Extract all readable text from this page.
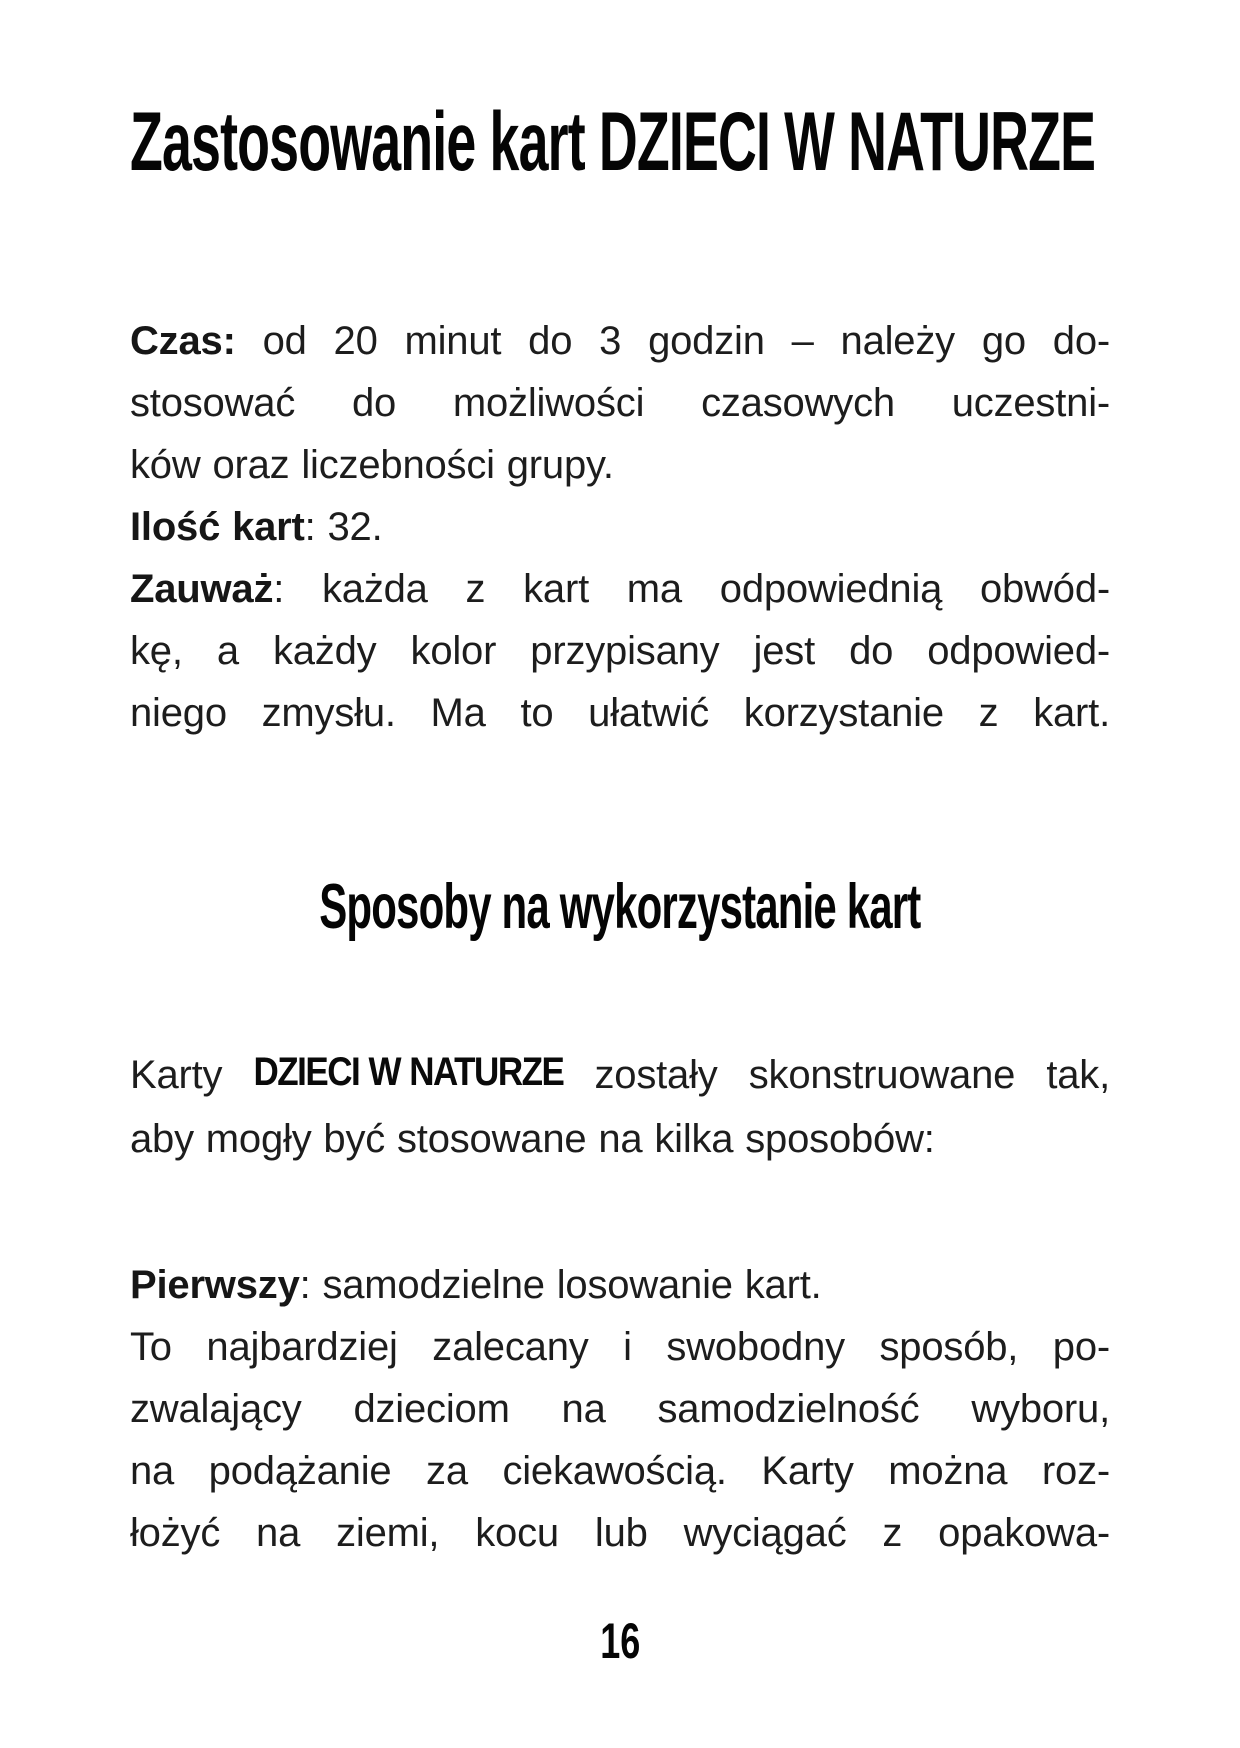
Zastosowanie kart DZIECI W NATURZE
Czas: od 20 minut do 3 godzin – należy go do-
stosować do możliwości czasowych uczestni-
ków oraz liczebności grupy.
Ilość kart: 32.
Zauważ: każda z kart ma odpowiednią obwód-
kę, a każdy kolor przypisany jest do odpowied-
niego zmysłu. Ma to ułatwić korzystanie z kart.
Sposoby na wykorzystanie kart
Karty DZIECI W NATURZE zostały skonstruowane tak,
aby mogły być stosowane na kilka sposobów:
Pierwszy: samodzielne losowanie kart.
To najbardziej zalecany i swobodny sposób, po-
zwalający dzieciom na samodzielność wyboru,
na podążanie za ciekawością. Karty można roz-
łożyć na ziemi, kocu lub wyciągać z opakowa-
16
